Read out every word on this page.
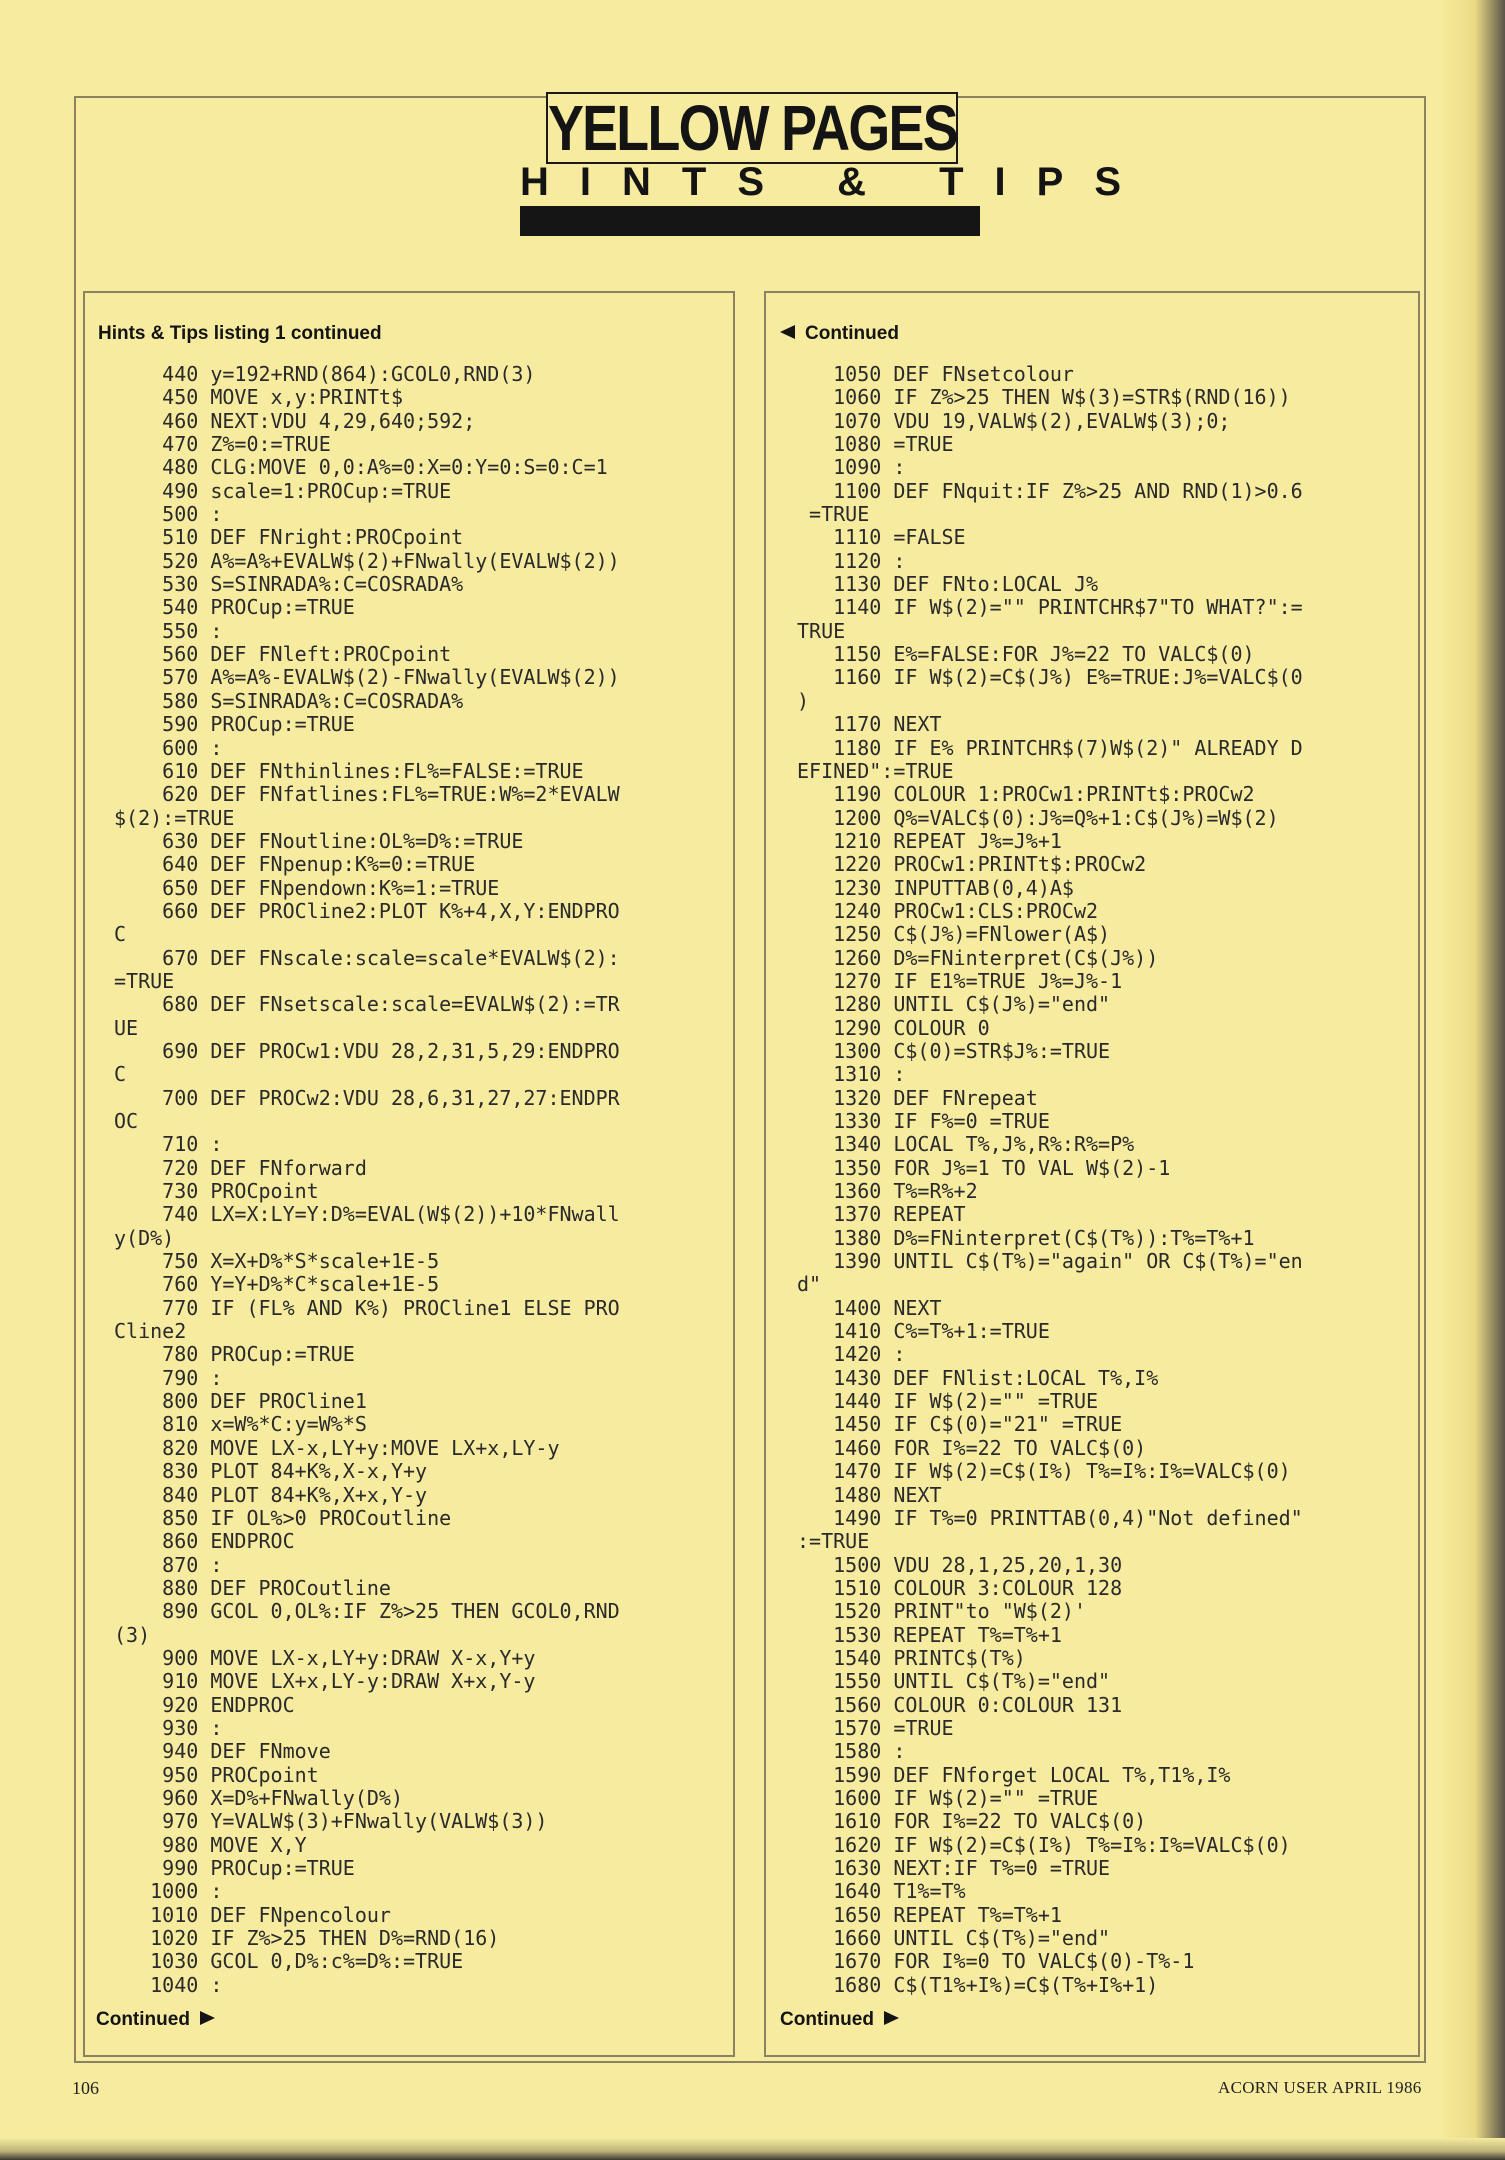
YELLOW PAGES
HINTS & TIPS
Hints & Tips listing 1 continued
440 y=192+RND(864):GCOL0,RND(3)
450 MOVE x,y:PRINTt$
460 NEXT:VDU 4,29,640;592;
470 Z%=0:=TRUE
480 CLG:MOVE 0,0:A%=0:X=0:Y=0:S=0:C=1
490 scale=1:PROCup:=TRUE
500 :
510 DEF FNright:PROCpoint
520 A%=A%+EVALW$(2)+FNwally(EVALW$(2))
530 S=SINRADA%:C=COSRADA%
540 PROCup:=TRUE
550 :
560 DEF FNleft:PROCpoint
570 A%=A%-EVALW$(2)-FNwally(EVALW$(2))
580 S=SINRADA%:C=COSRADA%
590 PROCup:=TRUE
600 :
610 DEF FNthinlines:FL%=FALSE:=TRUE
620 DEF FNfatlines:FL%=TRUE:W%=2*EVALW
$(2):=TRUE
630 DEF FNoutline:OL%=D%:=TRUE
640 DEF FNpenup:K%=0:=TRUE
650 DEF FNpendown:K%=1:=TRUE
660 DEF PROCline2:PLOT K%+4,X,Y:ENDPRO
C
670 DEF FNscale:scale=scale*EVALW$(2):
=TRUE
680 DEF FNsetscale:scale=EVALW$(2):=TR
UE
690 DEF PROCw1:VDU 28,2,31,5,29:ENDPRO
C
700 DEF PROCw2:VDU 28,6,31,27,27:ENDPR
OC
710 :
720 DEF FNforward
730 PROCpoint
740 LX=X:LY=Y:D%=EVAL(W$(2))+10*FNwall
y(D%)
750 X=X+D%*S*scale+1E-5
760 Y=Y+D%*C*scale+1E-5
770 IF (FL% AND K%) PROCline1 ELSE PRO
Cline2
780 PROCup:=TRUE
790 :
800 DEF PROCline1
810 x=W%*C:y=W%*S
820 MOVE LX-x,LY+y:MOVE LX+x,LY-y
830 PLOT 84+K%,X-x,Y+y
840 PLOT 84+K%,X+x,Y-y
850 IF OL%>0 PROCoutline
860 ENDPROC
870 :
880 DEF PROCoutline
890 GCOL 0,OL%:IF Z%>25 THEN GCOL0,RND
(3)
900 MOVE LX-x,LY+y:DRAW X-x,Y+y
910 MOVE LX+x,LY-y:DRAW X+x,Y-y
920 ENDPROC
930 :
940 DEF FNmove
950 PROCpoint
960 X=D%+FNwally(D%)
970 Y=VALW$(3)+FNwally(VALW$(3))
980 MOVE X,Y
990 PROCup:=TRUE
1000 :
1010 DEF FNpencolour
1020 IF Z%>25 THEN D%=RND(16)
1030 GCOL 0,D%:c%=D%:=TRUE
1040 :
Continued
Continued
1050 DEF FNsetcolour
1060 IF Z%>25 THEN W$(3)=STR$(RND(16))
1070 VDU 19,VALW$(2),EVALW$(3);0;
1080 =TRUE
1090 :
1100 DEF FNquit:IF Z%>25 AND RND(1)>0.6
=TRUE
1110 =FALSE
1120 :
1130 DEF FNto:LOCAL J%
1140 IF W$(2)="" PRINTCHR$7"TO WHAT?":=
TRUE
1150 E%=FALSE:FOR J%=22 TO VALC$(0)
1160 IF W$(2)=C$(J%) E%=TRUE:J%=VALC$(0
)
1170 NEXT
1180 IF E% PRINTCHR$(7)W$(2)" ALREADY D
EFINED":=TRUE
1190 COLOUR 1:PROCw1:PRINTt$:PROCw2
1200 Q%=VALC$(0):J%=Q%+1:C$(J%)=W$(2)
1210 REPEAT J%=J%+1
1220 PROCw1:PRINTt$:PROCw2
1230 INPUTTAB(0,4)A$
1240 PROCw1:CLS:PROCw2
1250 C$(J%)=FNlower(A$)
1260 D%=FNinterpret(C$(J%))
1270 IF E1%=TRUE J%=J%-1
1280 UNTIL C$(J%)="end"
1290 COLOUR 0
1300 C$(0)=STR$J%:=TRUE
1310 :
1320 DEF FNrepeat
1330 IF F%=0 =TRUE
1340 LOCAL T%,J%,R%:R%=P%
1350 FOR J%=1 TO VAL W$(2)-1
1360 T%=R%+2
1370 REPEAT
1380 D%=FNinterpret(C$(T%)):T%=T%+1
1390 UNTIL C$(T%)="again" OR C$(T%)="en
d"
1400 NEXT
1410 C%=T%+1:=TRUE
1420 :
1430 DEF FNlist:LOCAL T%,I%
1440 IF W$(2)="" =TRUE
1450 IF C$(0)="21" =TRUE
1460 FOR I%=22 TO VALC$(0)
1470 IF W$(2)=C$(I%) T%=I%:I%=VALC$(0)
1480 NEXT
1490 IF T%=0 PRINTTAB(0,4)"Not defined"
:=TRUE
1500 VDU 28,1,25,20,1,30
1510 COLOUR 3:COLOUR 128
1520 PRINT"to "W$(2)'
1530 REPEAT T%=T%+1
1540 PRINTC$(T%)
1550 UNTIL C$(T%)="end"
1560 COLOUR 0:COLOUR 131
1570 =TRUE
1580 :
1590 DEF FNforget LOCAL T%,T1%,I%
1600 IF W$(2)="" =TRUE
1610 FOR I%=22 TO VALC$(0)
1620 IF W$(2)=C$(I%) T%=I%:I%=VALC$(0)
1630 NEXT:IF T%=0 =TRUE
1640 T1%=T%
1650 REPEAT T%=T%+1
1660 UNTIL C$(T%)="end"
1670 FOR I%=0 TO VALC$(0)-T%-1
1680 C$(T1%+I%)=C$(T%+I%+1)
Continued
106	ACORN USER APRIL 1986
